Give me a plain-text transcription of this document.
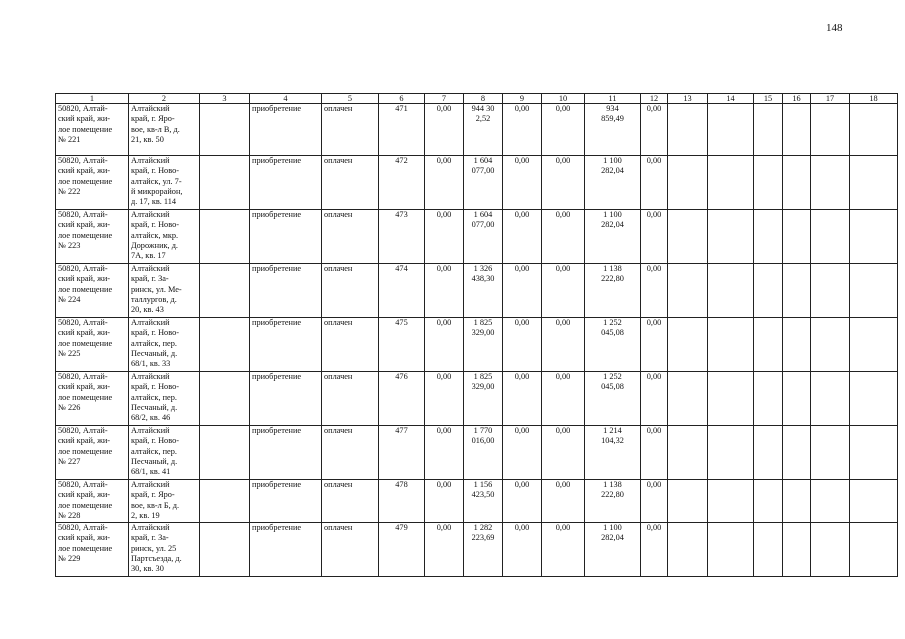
148
1	2	3	4	5	6	7	8	9	10	11	12	13	14	15	16	17	18
50820, Алтай-
ский край, жи-
лое помещение
№ 221	Алтайский
край, г. Яро-
вое, кв-л В, д.
21, кв. 50		приобретение	оплачен	471	0,00	944 30
2,52	0,00	0,00	934
859,49	0,00						
50820, Алтай-
ский край, жи-
лое помещение
№ 222	Алтайский
край, г. Ново-
алтайск, ул. 7-
й микрорайон,
д. 17, кв. 114		приобретение	оплачен	472	0,00	1 604
077,00	0,00	0,00	1 100
282,04	0,00						
50820, Алтай-
ский край, жи-
лое помещение
№ 223	Алтайский
край, г. Ново-
алтайск, мкр.
Дорожник, д.
7А, кв. 17		приобретение	оплачен	473	0,00	1 604
077,00	0,00	0,00	1 100
282,04	0,00						
50820, Алтай-
ский край, жи-
лое помещение
№ 224	Алтайский
край, г. За-
ринск, ул. Ме-
таллургов, д.
20, кв. 43		приобретение	оплачен	474	0,00	1 326
438,30	0,00	0,00	1 138
222,80	0,00						
50820, Алтай-
ский край, жи-
лое помещение
№ 225	Алтайский
край, г. Ново-
алтайск, пер.
Песчаный, д.
68/1, кв. 33		приобретение	оплачен	475	0,00	1 825
329,00	0,00	0,00	1 252
045,08	0,00						
50820, Алтай-
ский край, жи-
лое помещение
№ 226	Алтайский
край, г. Ново-
алтайск, пер.
Песчаный, д.
68/2, кв. 46		приобретение	оплачен	476	0,00	1 825
329,00	0,00	0,00	1 252
045,08	0,00						
50820, Алтай-
ский край, жи-
лое помещение
№ 227	Алтайский
край, г. Ново-
алтайск, пер.
Песчаный, д.
68/1, кв. 41		приобретение	оплачен	477	0,00	1 770
016,00	0,00	0,00	1 214
104,32	0,00						
50820, Алтай-
ский край, жи-
лое помещение
№ 228	Алтайский
край, г. Яро-
вое, кв-л Б, д.
2, кв. 19		приобретение	оплачен	478	0,00	1 156
423,50	0,00	0,00	1 138
222,80	0,00						
50820, Алтай-
ский край, жи-
лое помещение
№ 229	Алтайский
край, г. За-
ринск, ул. 25
Партсъезда, д.
30, кв. 30		приобретение	оплачен	479	0,00	1 282
223,69	0,00	0,00	1 100
282,04	0,00						
